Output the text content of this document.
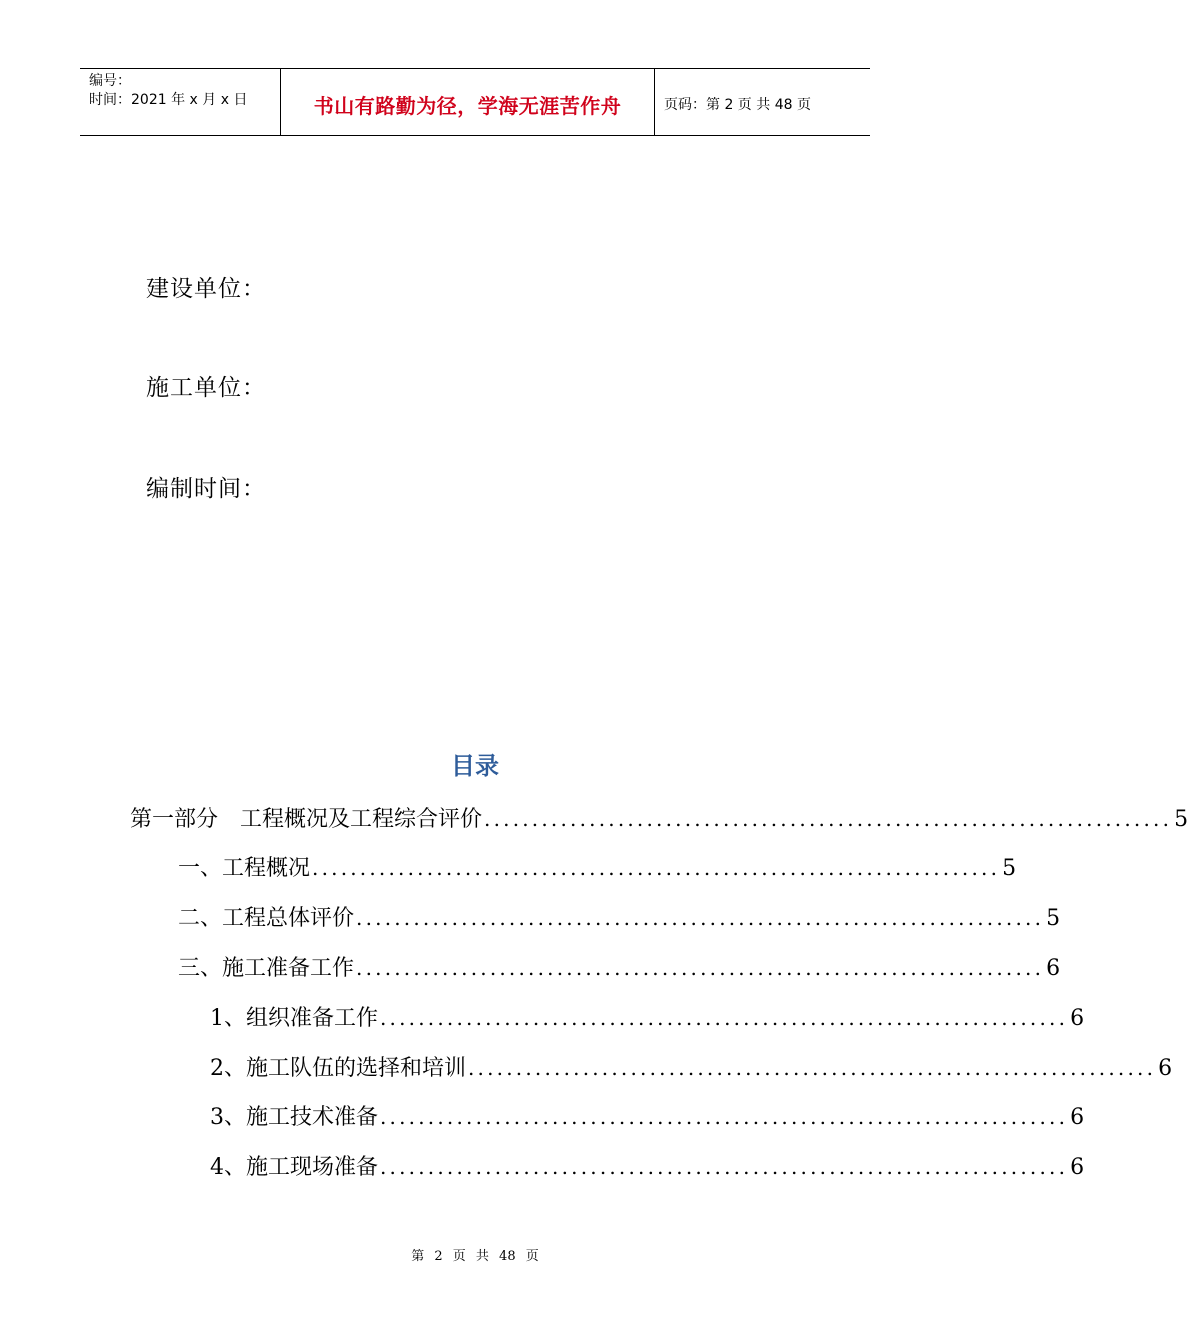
编号：
时间：2021 年 x 月 x 日	书山有路勤为径，学海无涯苦作舟	页码：第 2 页 共 48 页
建设单位：
施工单位：
编制时间：
目录
第一部分　工程概况及工程综合评价 ........................................................................ 5
一、工程概况 ........................................................................ 5
二、工程总体评价 ........................................................................ 5
三、施工准备工作 ........................................................................ 6
1、组织准备工作 ........................................................................ 6
2、施工队伍的选择和培训 ........................................................................ 6
3、施工技术准备 ........................................................................ 6
4、施工现场准备 ........................................................................ 6
第 2 页 共 48 页
